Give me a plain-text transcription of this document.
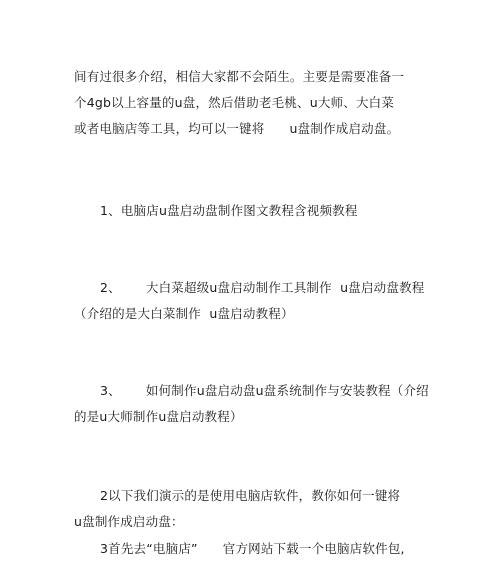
间有过很多介绍，相信大家都不会陌生。主要是需要准备一
个4gb以上容量的u盘，然后借助老毛桃、u大师、大白菜
或者电脑店等工具，均可以一键将      u盘制作成启动盘。
1、电脑店u盘启动盘制作图文教程含视频教程
2、      大白菜超级u盘启动制作工具制作  u盘启动盘教程
（介绍的是大白菜制作  u盘启动教程）
3、      如何制作u盘启动盘u盘系统制作与安装教程（介绍
的是u大师制作u盘启动教程）
2以下我们演示的是使用电脑店软件，教你如何一键将
u盘制作成启动盘：
3首先去“电脑店”      官方网站下载一个电脑店软件包,
